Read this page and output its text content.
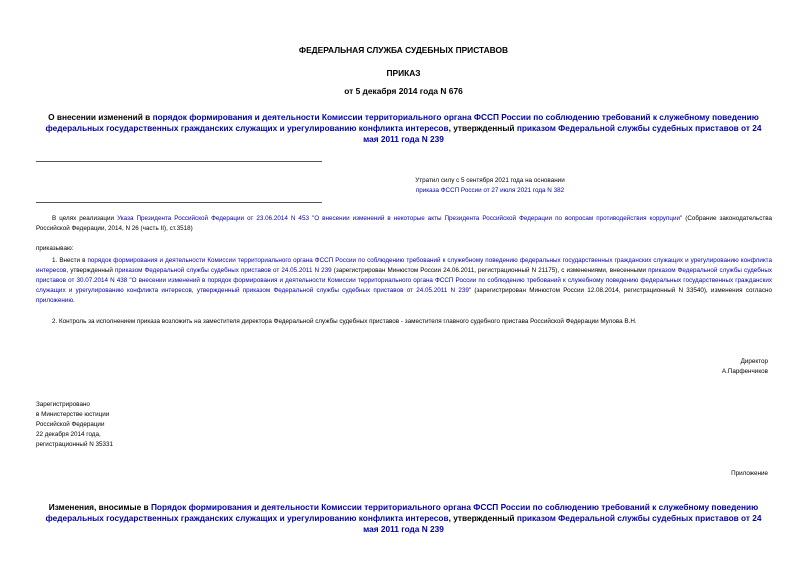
ФЕДЕРАЛЬНАЯ СЛУЖБА СУДЕБНЫХ ПРИСТАВОВ
ПРИКАЗ
от 5 декабря 2014 года N 676
О внесении изменений в порядок формирования и деятельности Комиссии территориального органа ФССП России по соблюдению требований к служебному поведению федеральных государственных гражданских служащих и урегулированию конфликта интересов, утвержденный приказом Федеральной службы судебных приставов от 24 мая 2011 года N 239
Утратил силу с 5 сентября 2021 года на основании
приказа ФССП России от 27 июля 2021 года N 382
В целях реализации Указа Президента Российской Федерации от 23.06.2014 N 453 "О внесении изменений в некоторые акты Президента Российской Федерации по вопросам противодействия коррупции" (Собрание законодательства Российской Федерации, 2014, N 26 (часть II), ст.3518)
приказываю:
1. Внести в порядок формирования и деятельности Комиссии территориального органа ФССП России по соблюдению требований к служебному поведению федеральных государственных гражданских служащих и урегулированию конфликта интересов, утвержденный приказом Федеральной службы судебных приставов от 24.05.2011 N 239 (зарегистрирован Минюстом России 24.06.2011, регистрационный N 21175), с изменениями, внесенными приказом Федеральной службы судебных приставов от 30.07.2014 N 438 "О внесении изменений в порядок формирования и деятельности Комиссии территориального органа ФССП России по соблюдению требований к служебному поведению федеральных государственных гражданских служащих и урегулированию конфликта интересов, утвержденный приказом Федеральной службы судебных приставов от 24.05.2011 N 239" (зарегистрирован Минюстом России 12.08.2014, регистрационный N 33540), изменения согласно приложению.
2. Контроль за исполнением приказа возложить на заместителя директора Федеральной службы судебных приставов - заместителя главного судебного пристава Российской Федерации Мулова В.Н.
Директор
А.Парфенчиков
Зарегистрировано
в Министерстве юстиции
Российской Федерации
22 декабря 2014 года,
регистрационный N 35331
Приложение
Изменения, вносимые в Порядок формирования и деятельности Комиссии территориального органа ФССП России по соблюдению требований к служебному поведению федеральных государственных гражданских служащих и урегулированию конфликта интересов, утвержденный приказом Федеральной службы судебных приставов от 24 мая 2011 года N 239
